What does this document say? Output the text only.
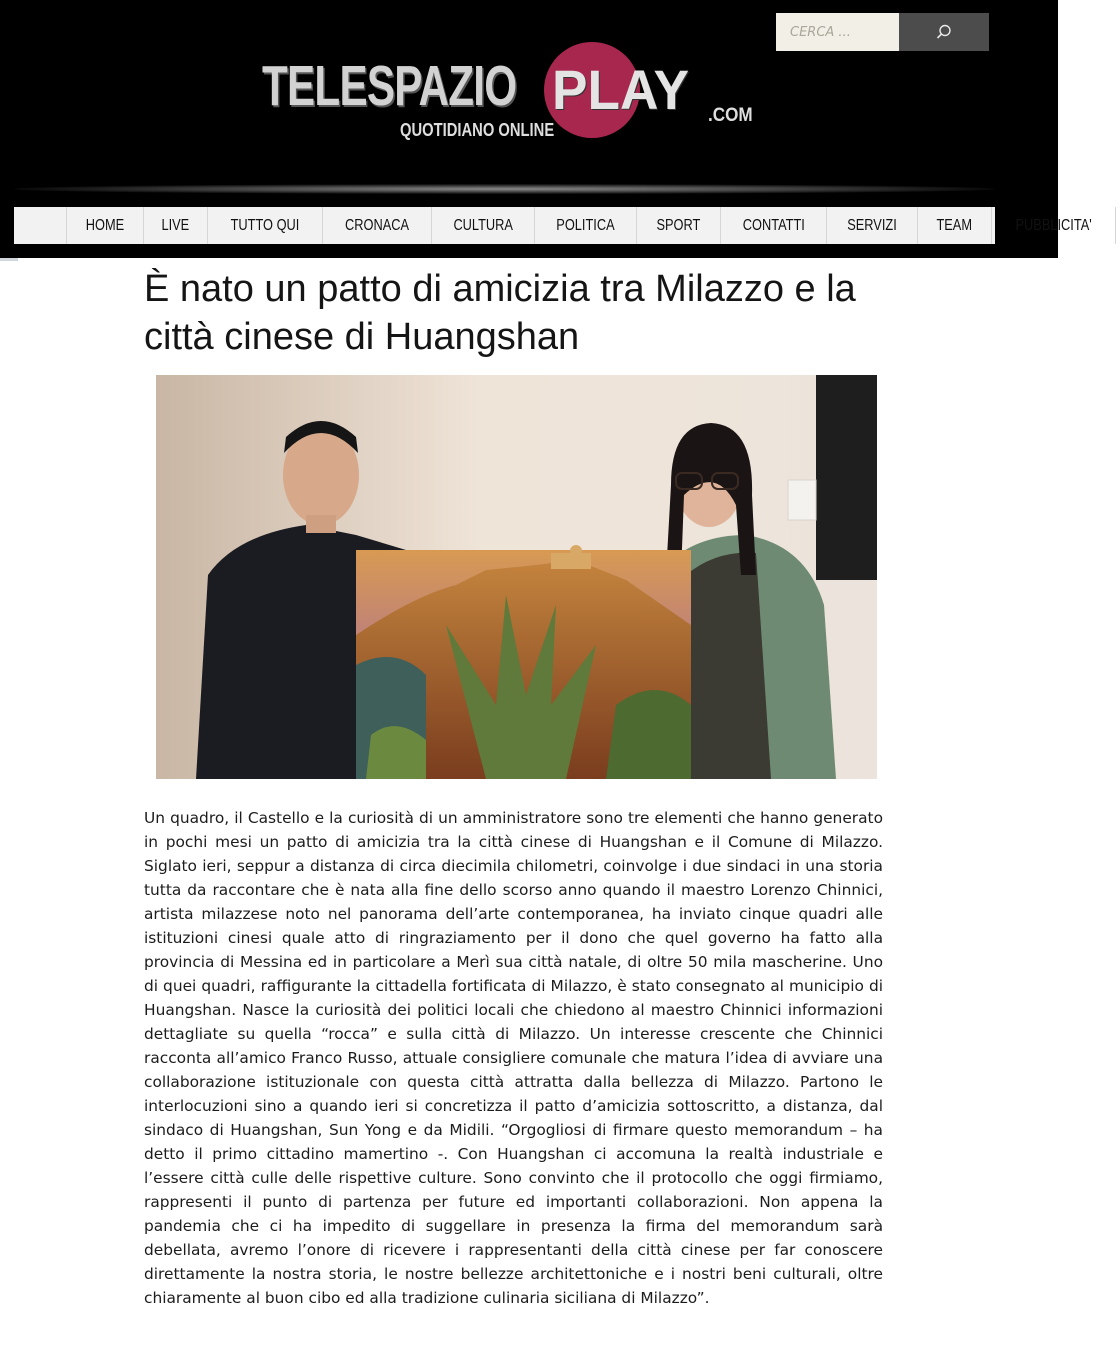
CERCA ...
TELESPAZIO PLAY
QUOTIDIANO ONLINE
.COM
HOME LIVE	TUTTO QUI	CRONACA	CULTURA	POLITICA	SPORT	CONTATTI	SERVIZI TEAM	PUBBLICITA'
È nato un patto di amicizia tra Milazzo e la città cinese di Huangshan

Un quadro, il Castello e la curiosità di un amministratore sono tre elementi che hanno generato in pochi mesi un patto di amicizia tra la città cinese di Huangshan e il Comune di Milazzo. Siglato ieri, seppur a distanza di circa diecimila chilometri, coinvolge i due sindaci in una storia tutta da raccontare che è nata alla fine dello scorso anno quando il maestro Lorenzo Chinnici, artista milazzese noto nel panorama dell’arte contemporanea, ha inviato cinque quadri alle istituzioni cinesi quale atto di ringraziamento per il dono che quel governo ha fatto alla provincia di Messina ed in particolare a Merì sua città natale, di oltre 50 mila mascherine. Uno di quei quadri, raffigurante la cittadella fortificata di Milazzo, è stato consegnato al municipio di Huangshan. Nasce la curiosità dei politici locali che chiedono al maestro Chinnici informazioni dettagliate su quella “rocca” e sulla città di Milazzo. Un interesse crescente che Chinnici racconta all’amico Franco Russo, attuale consigliere comunale che matura l’idea di avviare una collaborazione istituzionale con questa città attratta dalla bellezza di Milazzo. Partono le interlocuzioni sino a quando ieri si concretizza il patto d’amicizia sottoscritto, a distanza, dal sindaco di Huangshan, Sun Yong e da Midili. “Orgogliosi di firmare questo memorandum – ha detto il primo cittadino mamertino -. Con Huangshan ci accomuna la realtà industriale e l’essere città culle delle rispettive culture. Sono convinto che il protocollo che oggi firmiamo, rappresenti il punto di partenza per future ed importanti collaborazioni. Non appena la pandemia che ci ha impedito di suggellare in presenza la firma del memorandum sarà debellata, avremo l’onore di ricevere i rappresentanti della città cinese per far conoscere direttamente la nostra storia, le nostre bellezze architettoniche e i nostri beni culturali, oltre chiaramente al buon cibo ed alla tradizione culinaria siciliana di Milazzo”.
